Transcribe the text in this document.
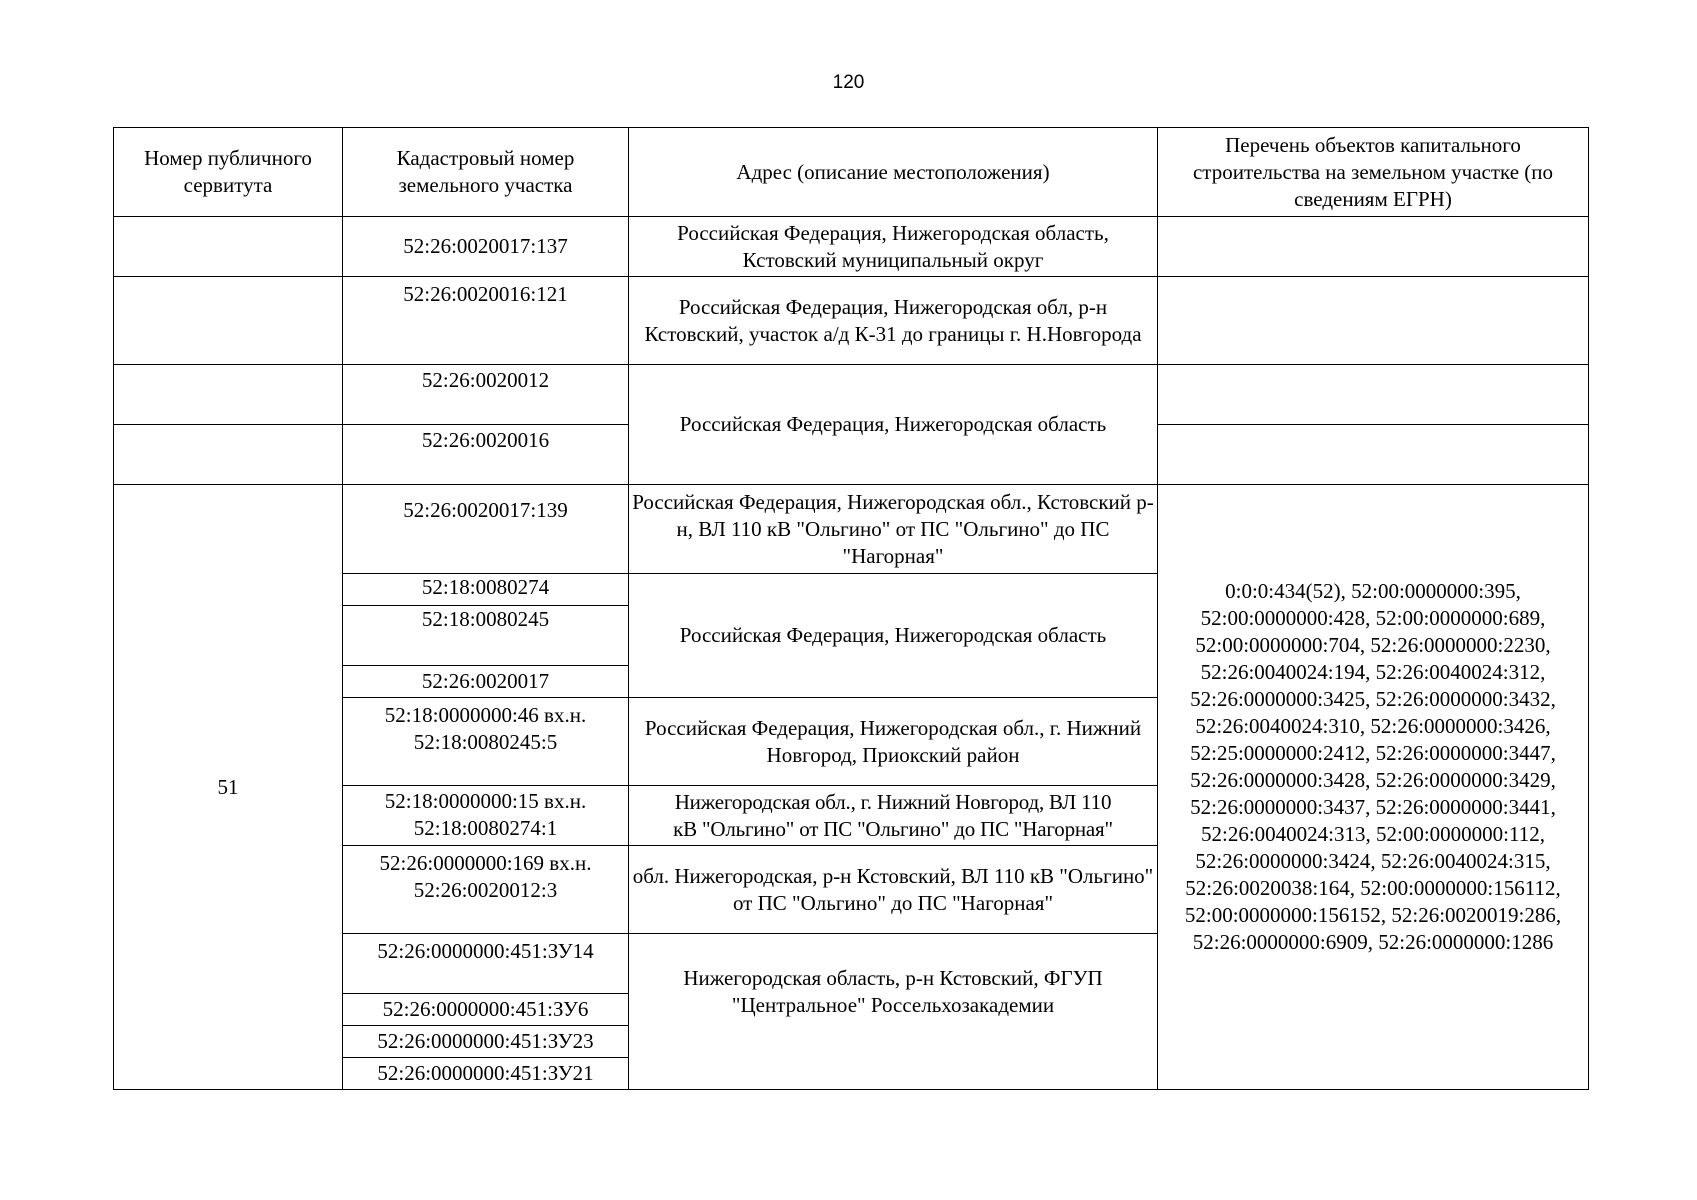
120
Номер публичного сервитута	Кадастровый номер земельного участка	Адрес (описание местоположения)	Перечень объектов капитального строительства на земельном участке (по сведениям ЕГРН)
	52:26:0020017:137	Российская Федерация, Нижегородская область, Кстовский муниципальный округ	
	52:26:0020016:121	Российская Федерация, Нижегородская обл, р-н Кстовский, участок а/д К-31 до границы г. Н.Новгорода	
	52:26:0020012	Российская Федерация, Нижегородская область	
	52:26:0020016		
51	52:26:0020017:139	Российская Федерация, Нижегородская обл., Кстовский р-н, ВЛ 110 кВ "Ольгино" от ПС "Ольгино" до ПС "Нагорная"	0:0:0:434(52), 52:00:0000000:395, 52:00:0000000:428, 52:00:0000000:689, 52:00:0000000:704, 52:26:0000000:2230, 52:26:0040024:194, 52:26:0040024:312, 52:26:0000000:3425, 52:26:0000000:3432, 52:26:0040024:310, 52:26:0000000:3426, 52:25:0000000:2412, 52:26:0000000:3447, 52:26:0000000:3428, 52:26:0000000:3429, 52:26:0000000:3437, 52:26:0000000:3441, 52:26:0040024:313, 52:00:0000000:112, 52:26:0000000:3424, 52:26:0040024:315, 52:26:0020038:164, 52:00:0000000:156112, 52:00:0000000:156152, 52:26:0020019:286, 52:26:0000000:6909, 52:26:0000000:1286
	52:18:0080274	Российская Федерация, Нижегородская область	
	52:18:0080245		
	52:26:0020017		
	52:18:0000000:46 вх.н. 52:18:0080245:5	Российская Федерация, Нижегородская обл., г. Нижний Новгород, Приокский район	
	52:18:0000000:15 вх.н. 52:18:0080274:1	Нижегородская обл., г. Нижний Новгород, ВЛ 110
кВ "Ольгино" от ПС "Ольгино" до ПС "Нагорная"	

	52:26:0000000:169 вх.н. 52:26:0020012:3	обл. Нижегородская, р-н Кстовский, ВЛ 110 кВ "Ольгино" от ПС "Ольгино" до ПС "Нагорная"	
	52:26:0000000:451:ЗУ14	Нижегородская область, р-н Кстовский, ФГУП "Центральное" Россельхозакадемии	
	52:26:0000000:451:ЗУ6		
	52:26:0000000:451:ЗУ23		
	52:26:0000000:451:ЗУ21		
